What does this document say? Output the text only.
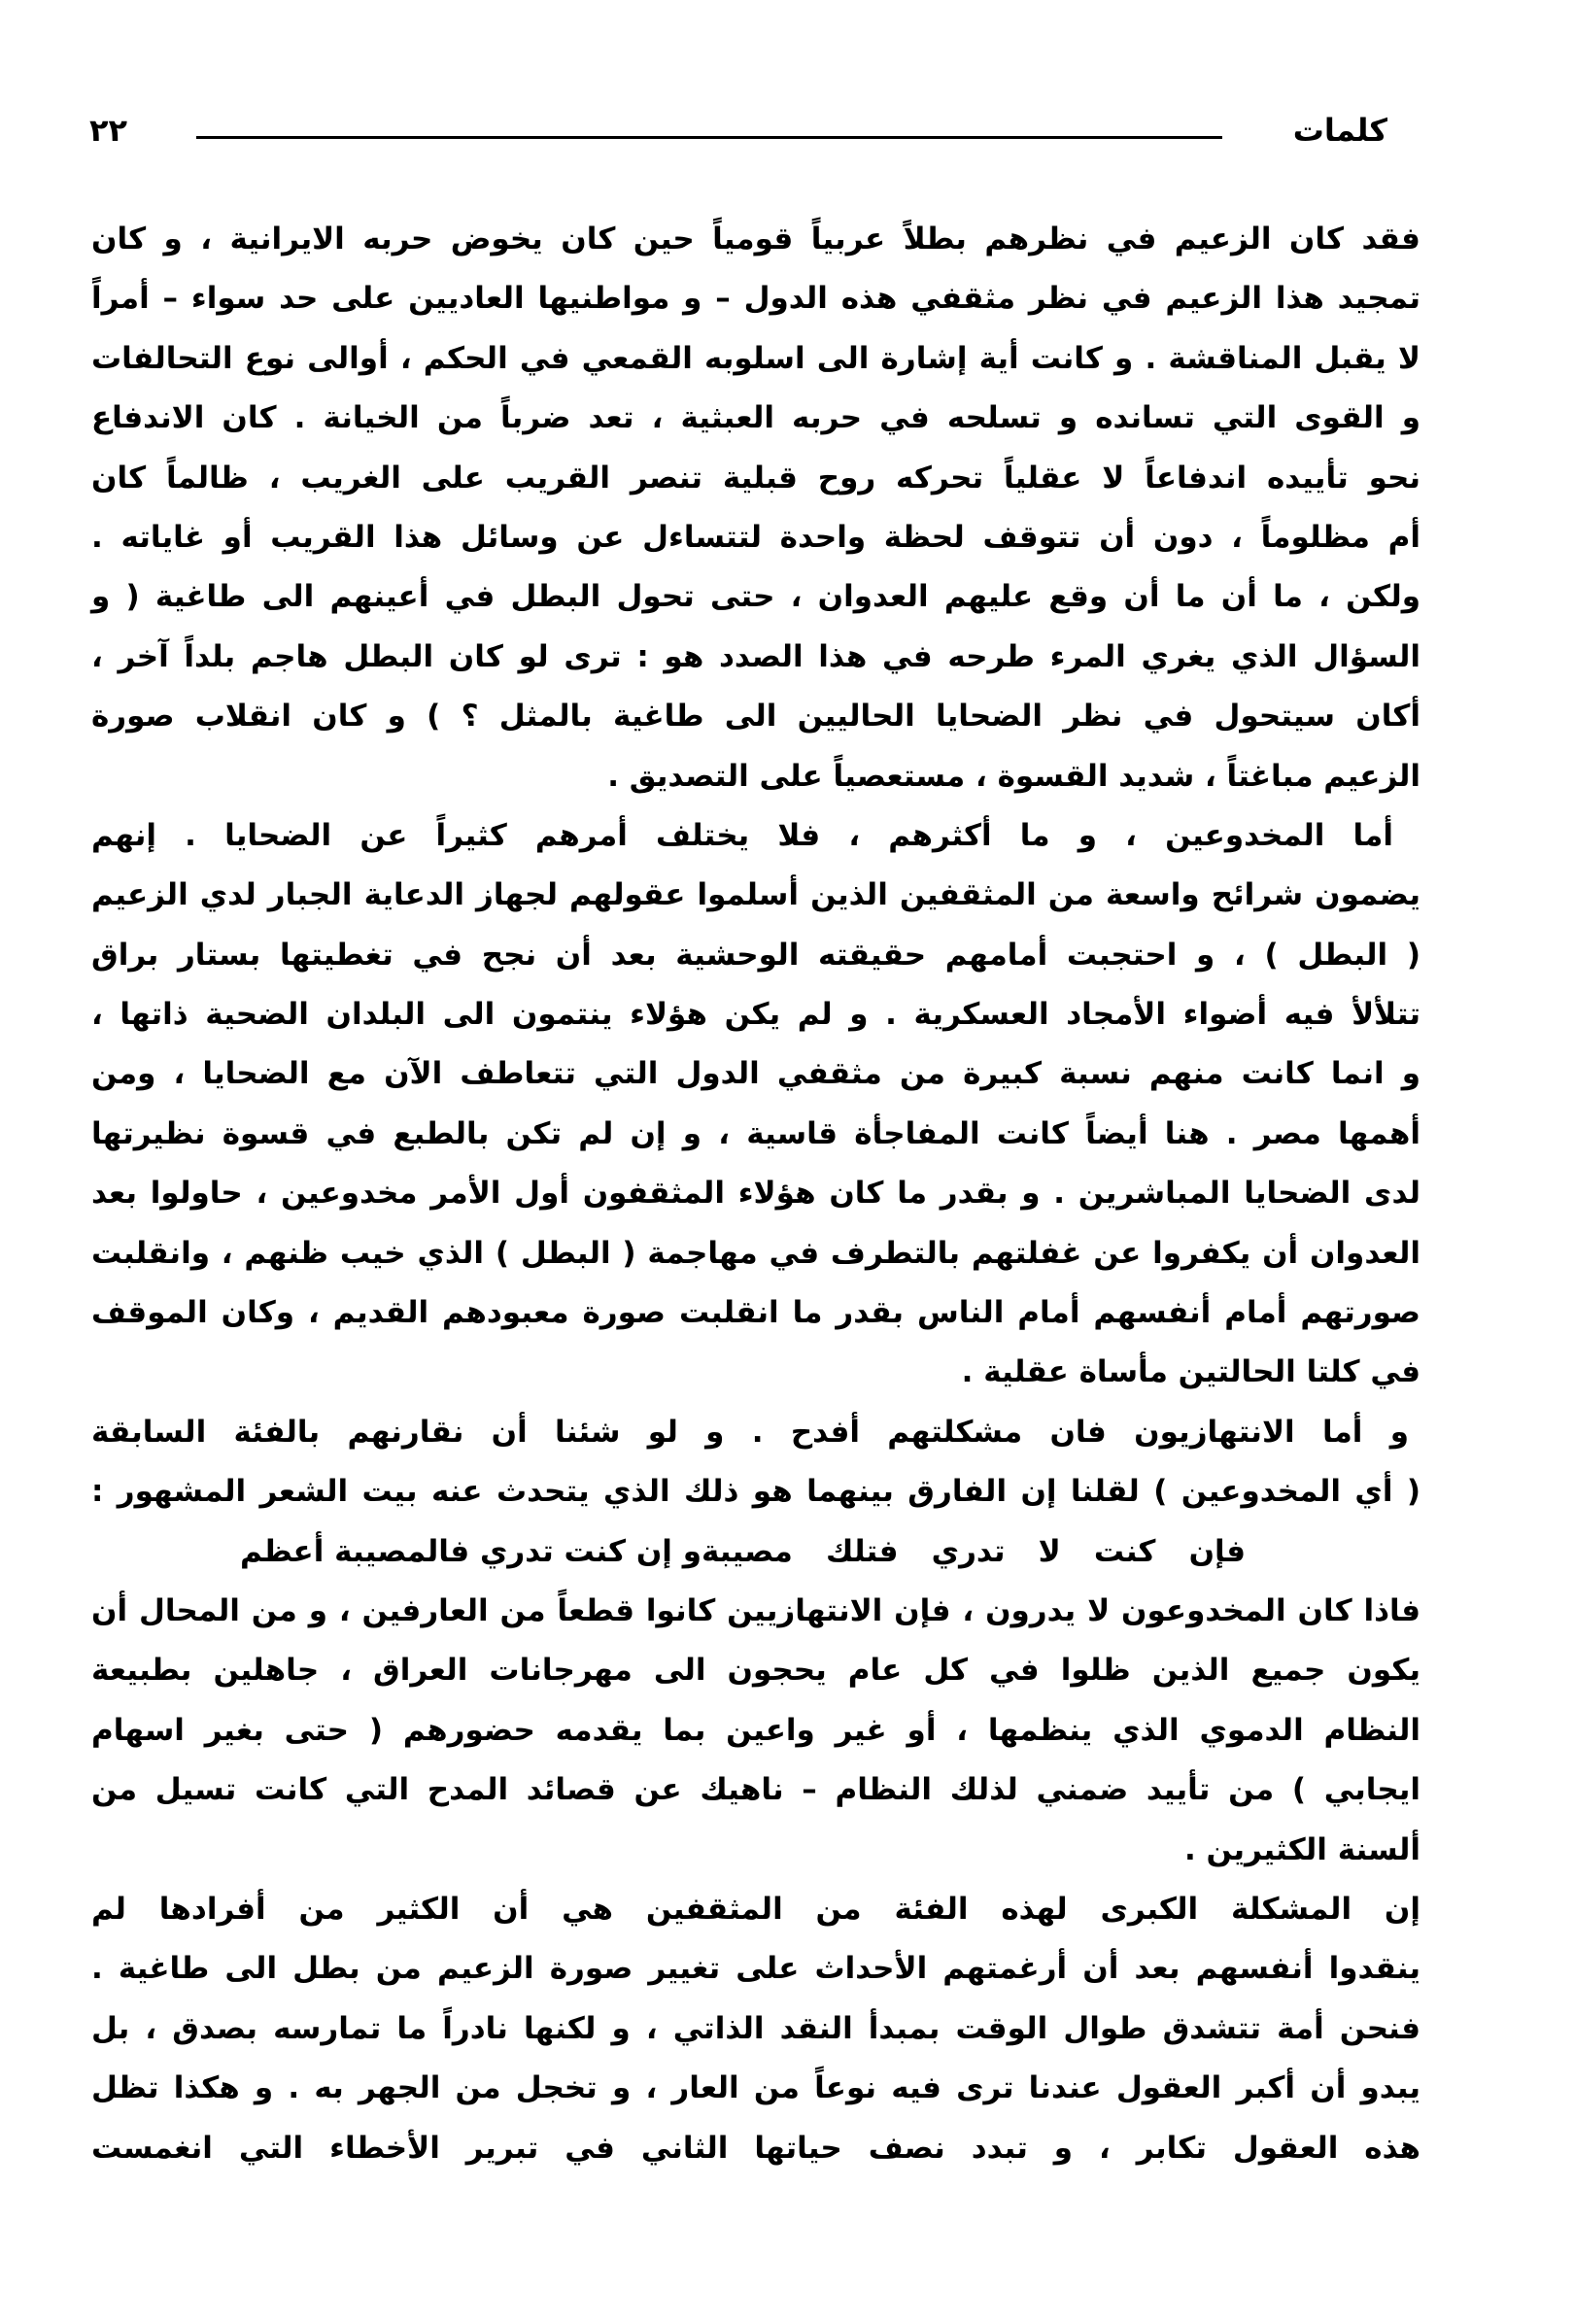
كلمات
٢٢
فقد كان الزعيم في نظرهم بطلاً عربياً قومياً حين كان يخوض حربه الايرانية ، و كان
تمجيد هذا الزعيم في نظر مثقفي هذه الدول – و مواطنيها العاديين على حد سواء – أمراً
لا يقبل المناقشة . و كانت أية إشارة الى اسلوبه القمعي في الحكم ، أوالى نوع التحالفات
و القوى التي تسانده و تسلحه في حربه العبثية ، تعد ضرباً من الخيانة . كان الاندفاع
نحو تأييده اندفاعاً لا عقلياً تحركه روح قبلية تنصر القريب على الغريب ، ظالماً كان
أم مظلوماً ، دون أن تتوقف لحظة واحدة لتتساءل عن وسائل هذا القريب أو غاياته .
ولكن ، ما أن ما أن وقع عليهم العدوان ، حتى تحول البطل في أعينهم الى طاغية ( و
السؤال الذي يغري المرء طرحه في هذا الصدد هو : ترى لو كان البطل هاجم بلداً آخر ،
أكان سيتحول في نظر الضحايا الحاليين الى طاغية بالمثل ؟ ) و كان انقلاب صورة
الزعيم مباغتاً ، شديد القسوة ، مستعصياً على التصديق .
أما المخدوعين ، و ما أكثرهم ، فلا يختلف أمرهم كثيراً عن الضحايا . إنهم
يضمون شرائح واسعة من المثقفين الذين أسلموا عقولهم لجهاز الدعاية الجبار لدي الزعيم
( البطل ) ، و احتجبت أمامهم حقيقته الوحشية بعد أن نجح في تغطيتها بستار براق
تتلألأ فيه أضواء الأمجاد العسكرية . و لم يكن هؤلاء ينتمون الى البلدان الضحية ذاتها ،
و انما كانت منهم نسبة كبيرة من مثقفي الدول التي تتعاطف الآن مع الضحايا ، ومن
أهمها مصر . هنا أيضاً كانت المفاجأة قاسية ، و إن لم تكن بالطبع في قسوة نظيرتها
لدى الضحايا المباشرين . و بقدر ما كان هؤلاء المثقفون أول الأمر مخدوعين ، حاولوا بعد
العدوان أن يكفروا عن غفلتهم بالتطرف في مهاجمة ( البطل ) الذي خيب ظنهم ، وانقلبت
صورتهم أمام أنفسهم أمام الناس بقدر ما انقلبت صورة معبودهم القديم ، وكان الموقف
في كلتا الحالتين مأساة عقلية .
و أما الانتهازيون فان مشكلتهم أفدح . و لو شئنا أن نقارنهم بالفئة السابقة
( أي المخدوعين ) لقلنا إن الفارق بينهما هو ذلك الذي يتحدث عنه بيت الشعر المشهور :
فإن كنت لا تدري فتلك مصيبة
و إن كنت تدري فالمصيبة أعظم
فاذا كان المخدوعون لا يدرون ، فإن الانتهازيين كانوا قطعاً من العارفين ، و من المحال أن
يكون جميع الذين ظلوا في كل عام يحجون الى مهرجانات العراق ، جاهلين بطبيعة
النظام الدموي الذي ينظمها ، أو غير واعين بما يقدمه حضورهم ( حتى بغير اسهام
ايجابي ) من تأييد ضمني لذلك النظام – ناهيك عن قصائد المدح التي كانت تسيل من
ألسنة الكثيرين .
إن المشكلة الكبرى لهذه الفئة من المثقفين هي أن الكثير من أفرادها لم
ينقدوا أنفسهم بعد أن أرغمتهم الأحداث على تغيير صورة الزعيم من بطل الى طاغية .
فنحن أمة تتشدق طوال الوقت بمبدأ النقد الذاتي ، و لكنها نادراً ما تمارسه بصدق ، بل
يبدو أن أكبر العقول عندنا ترى فيه نوعاً من العار ، و تخجل من الجهر به . و هكذا تظل
هذه العقول تكابر ، و تبدد نصف حياتها الثاني في تبرير الأخطاء التي انغمست
